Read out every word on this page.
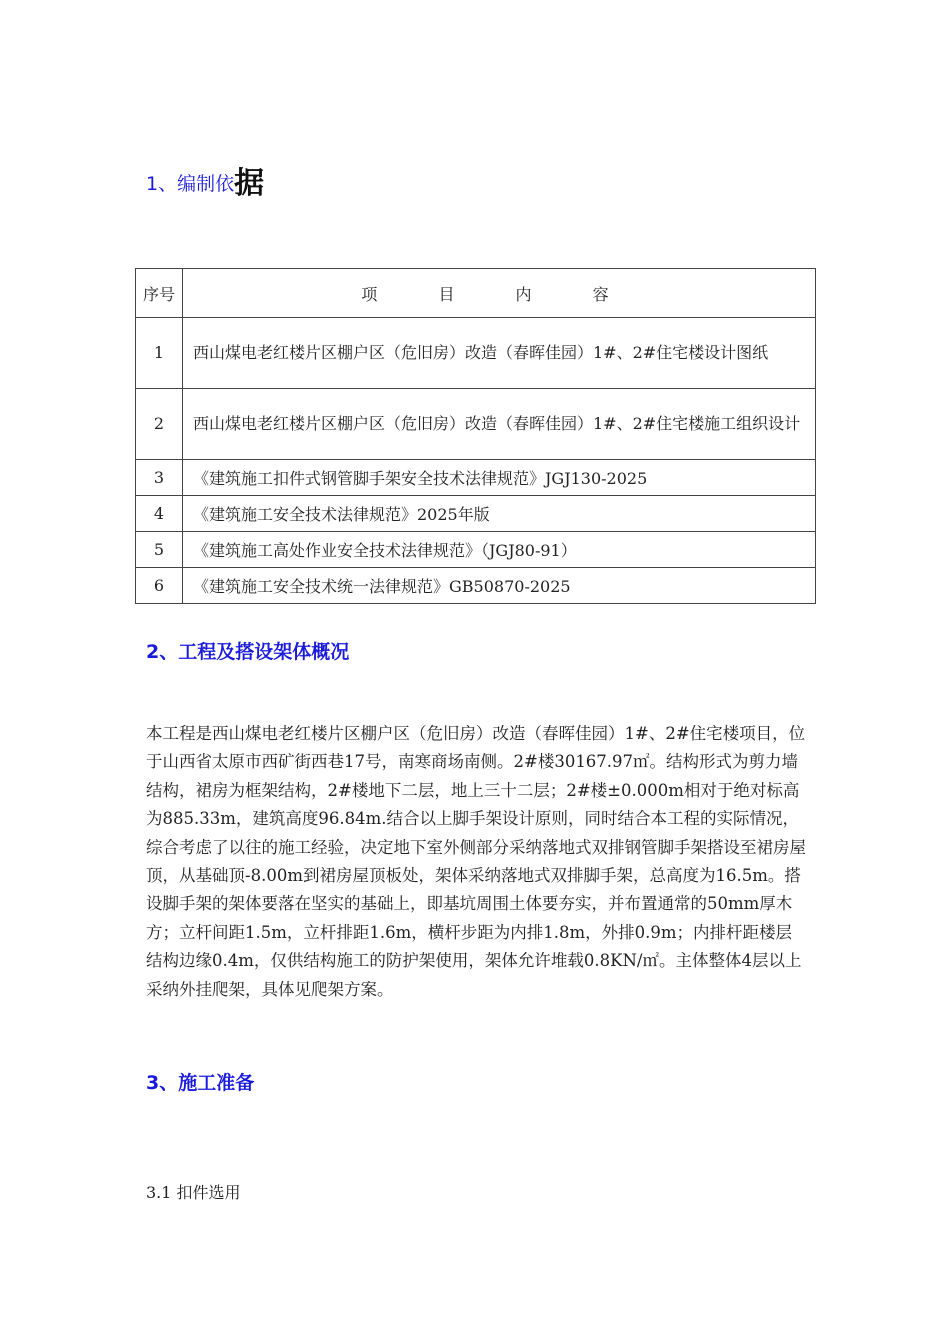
1、编制依据
序号	项 目 内 容
1	西山煤电老红楼片区棚户区（危旧房）改造（春晖佳园）1#、2#住宅楼设计图纸
2	西山煤电老红楼片区棚户区（危旧房）改造（春晖佳园）1#、2#住宅楼施工组织设计
3	《建筑施工扣件式钢管脚手架安全技术法律规范》JGJ130-2025
4	《建筑施工安全技术法律规范》2025年版
5	《建筑施工高处作业安全技术法律规范》（JGJ80-91）
6	《建筑施工安全技术统一法律规范》GB50870-2025
2、工程及搭设架体概况

本工程是西山煤电老红楼片区棚户区（危旧房）改造（春晖佳园）1#、2#住宅楼项目，位于山西省太原市西矿街西巷17号，南寒商场南侧。2#楼30167.97㎡。结构形式为剪力墙结构，裙房为框架结构，2#楼地下二层，地上三十二层；2#楼±0.000m相对于绝对标高为885.33m，建筑高度96.84m.结合以上脚手架设计原则，同时结合本工程的实际情况，综合考虑了以往的施工经验，决定地下室外侧部分采纳落地式双排钢管脚手架搭设至裙房屋顶，从基础顶-8.00m到裙房屋顶板处，架体采纳落地式双排脚手架，总高度为16.5m。搭设脚手架的架体要落在坚实的基础上，即基坑周围土体要夯实，并布置通常的50mm厚木方；立杆间距1.5m，立杆排距1.6m，横杆步距为内排1.8m，外排0.9m；内排杆距楼层结构边缘0.4m，仅供结构施工的防护架使用，架体允许堆载0.8KN/㎡。主体整体4层以上采纳外挂爬架，具体见爬架方案。

3、施工准备
3.1 扣件选用
